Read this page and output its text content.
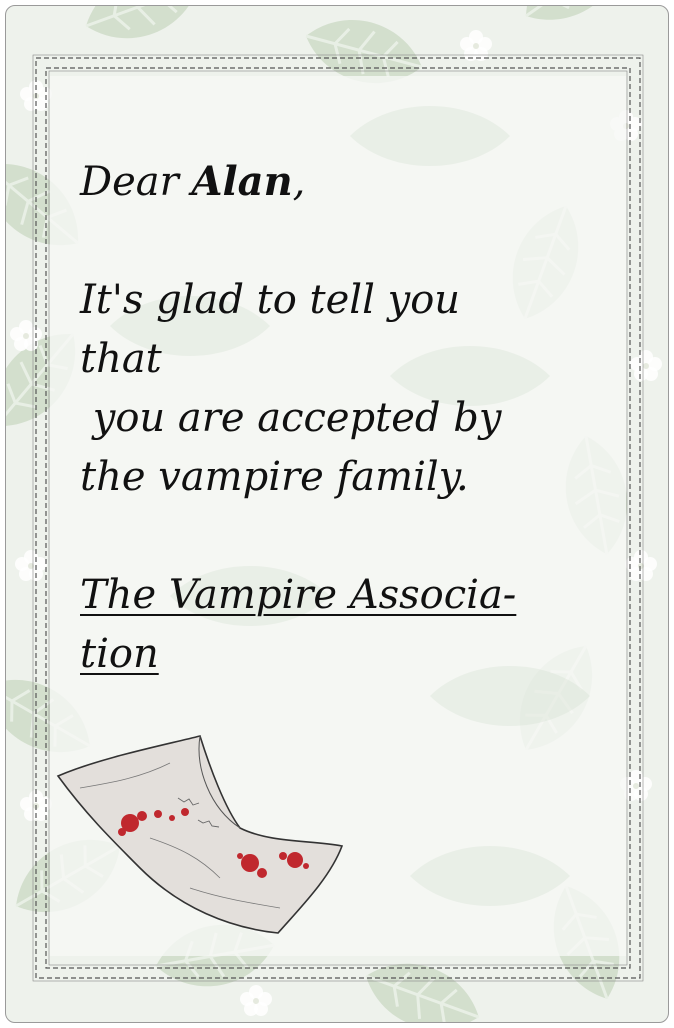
Dear Alan,
It's glad to tell you
that
you are accepted by
the vampire family.
The Vampire Associa-
tion
